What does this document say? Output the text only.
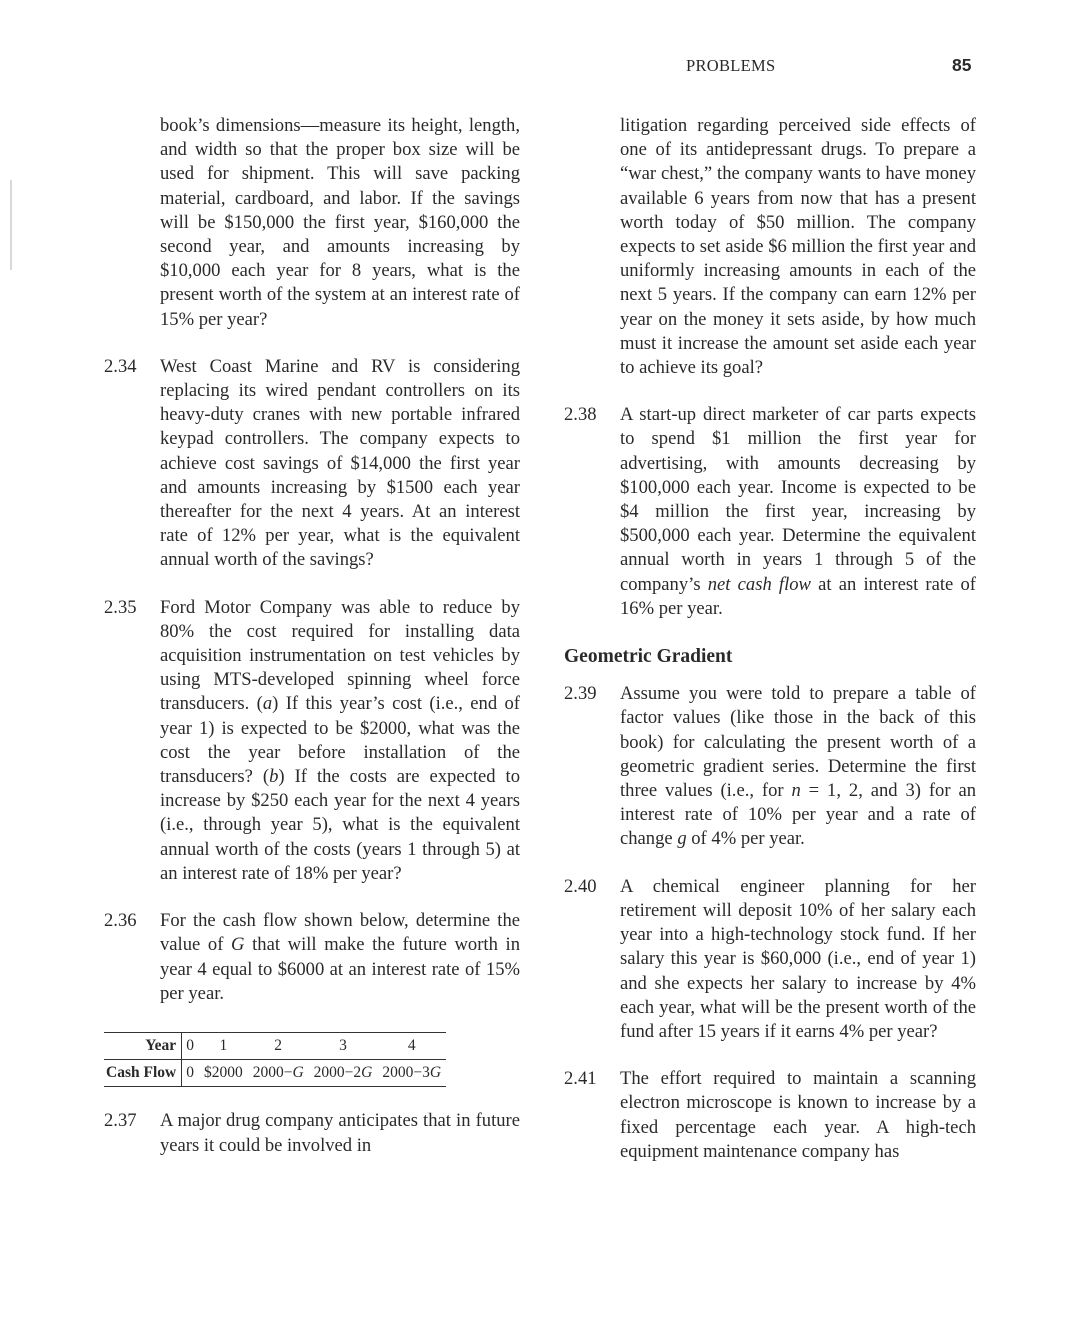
PROBLEMS	85
book’s dimensions—measure its height, length, and width so that the proper box size will be used for shipment. This will save packing material, cardboard, and labor. If the savings will be $150,000 the first year, $160,000 the second year, and amounts increasing by $10,000 each year for 8 years, what is the present worth of the system at an interest rate of 15% per year?
2.34	West Coast Marine and RV is considering replacing its wired pendant controllers on its heavy-duty cranes with new portable infrared keypad controllers. The company expects to achieve cost savings of $14,000 the first year and amounts increasing by $1500 each year thereafter for the next 4 years. At an interest rate of 12% per year, what is the equivalent annual worth of the savings?
2.35	Ford Motor Company was able to reduce by 80% the cost required for installing data acquisition instrumentation on test vehicles by using MTS-developed spinning wheel force transducers. (a) If this year’s cost (i.e., end of year 1) is expected to be $2000, what was the cost the year before installation of the transducers? (b) If the costs are expected to increase by $250 each year for the next 4 years (i.e., through year 5), what is the equivalent annual worth of the costs (years 1 through 5) at an interest rate of 18% per year?
2.36	For the cash flow shown below, determine the value of G that will make the future worth in year 4 equal to $6000 at an interest rate of 15% per year.
Year	0	1	2	3	4
Cash Flow	0	$2000	2000−G	2000−2G	2000−3G
2.37	A major drug company anticipates that in future years it could be involved in
litigation regarding perceived side effects of one of its antidepressant drugs. To prepare a “war chest,” the company wants to have money available 6 years from now that has a present worth today of $50 million. The company expects to set aside $6 million the first year and uniformly increasing amounts in each of the next 5 years. If the company can earn 12% per year on the money it sets aside, by how much must it increase the amount set aside each year to achieve its goal?
2.38	A start-up direct marketer of car parts expects to spend $1 million the first year for advertising, with amounts decreasing by $100,000 each year. Income is expected to be $4 million the first year, increasing by $500,000 each year. Determine the equivalent annual worth in years 1 through 5 of the company’s net cash flow at an interest rate of 16% per year.
Geometric Gradient
2.39	Assume you were told to prepare a table of factor values (like those in the back of this book) for calculating the present worth of a geometric gradient series. Determine the first three values (i.e., for n = 1, 2, and 3) for an interest rate of 10% per year and a rate of change g of 4% per year.
2.40	A chemical engineer planning for her retirement will deposit 10% of her salary each year into a high-technology stock fund. If her salary this year is $60,000 (i.e., end of year 1) and she expects her salary to increase by 4% each year, what will be the present worth of the fund after 15 years if it earns 4% per year?
2.41	The effort required to maintain a scanning electron microscope is known to increase by a fixed percentage each year. A high-tech equipment maintenance company has
